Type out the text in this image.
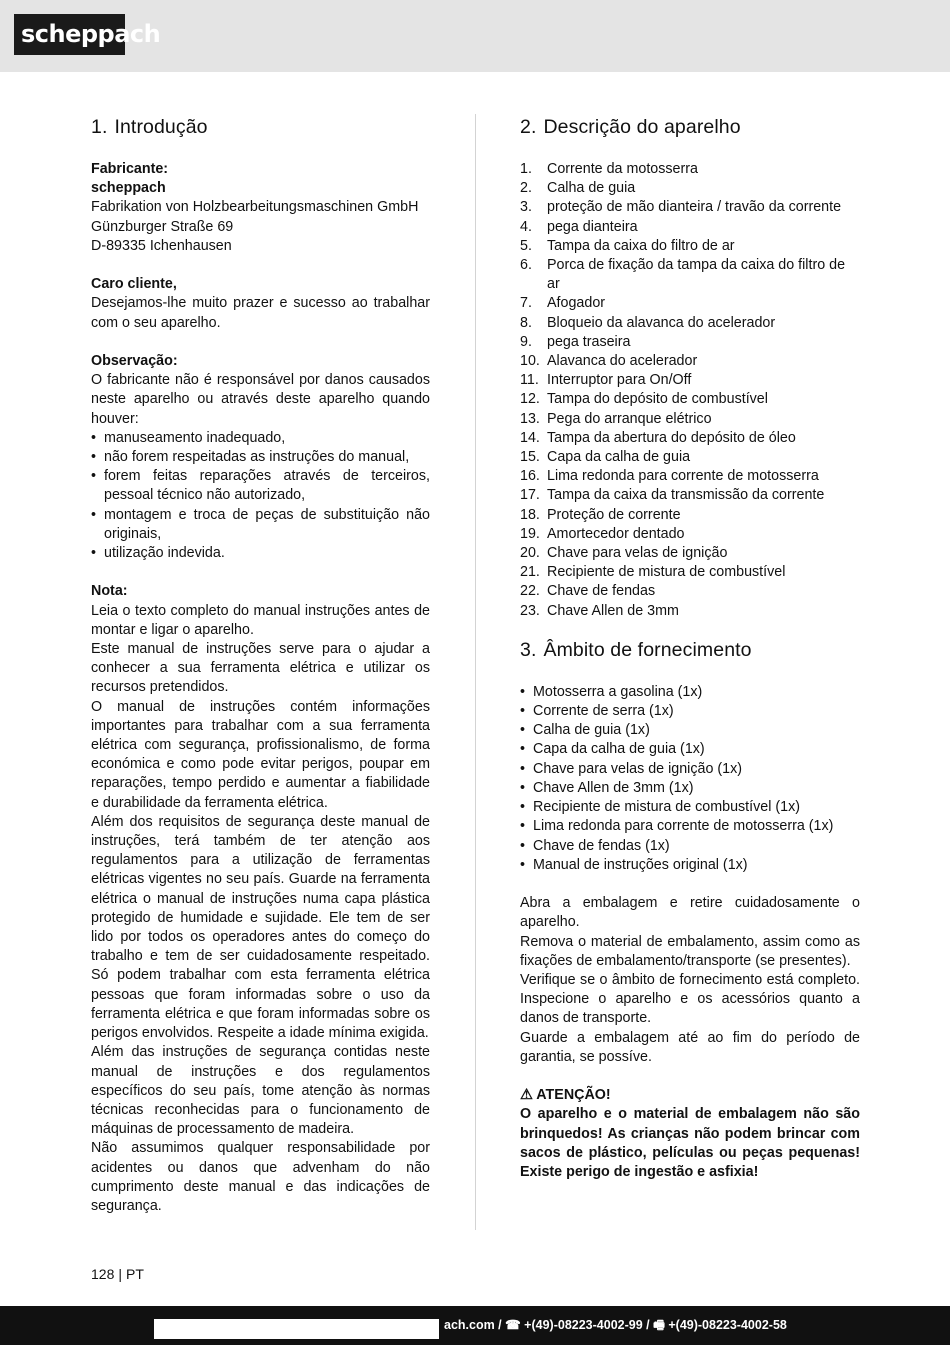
scheppach
1. Introdução

Fabricante:

scheppach

Fabrikation von Holzbearbeitungsmaschinen GmbH

Günzburger Straße 69

D-89335 Ichenhausen

Caro cliente,

Desejamos-lhe muito prazer e sucesso ao trabalhar com o seu aparelho.

Observação:

O fabricante não é responsável por danos causados neste aparelho ou através deste aparelho quando houver:

• manuseamento inadequado,
• não forem respeitadas as instruções do manual,
• forem feitas reparações através de terceiros, pessoal técnico não autorizado,
• montagem e troca de peças de substituição não originais,
• utilização indevida.

Nota:

Leia o texto completo do manual instruções antes de montar e ligar o aparelho.

Este manual de instruções serve para o ajudar a conhecer a sua ferramenta elétrica e utilizar os recursos pretendidos.

O manual de instruções contém informações importantes para trabalhar com a sua ferramenta elétrica com segurança, profissionalismo, de forma económica e como pode evitar perigos, poupar em reparações, tempo perdido e aumentar a fiabilidade e durabilidade da ferramenta elétrica.

Além dos requisitos de segurança deste manual de instruções, terá também de ter atenção aos regulamentos para a utilização de ferramentas elétricas vigentes no seu país. Guarde na ferramenta elétrica o manual de instruções numa capa plástica protegido de humidade e sujidade. Ele tem de ser lido por todos os operadores antes do começo do trabalho e tem de ser cuidadosamente respeitado. Só podem trabalhar com esta ferramenta elétrica pessoas que foram informadas sobre o uso da ferramenta elétrica e que foram informadas sobre os perigos envolvidos. Respeite a idade mínima exigida.

Além das instruções de segurança contidas neste manual de instruções e dos regulamentos específicos do seu país, tome atenção às normas técnicas reconhecidas para o funcionamento de máquinas de processamento de madeira.

Não assumimos qualquer responsabilidade por acidentes ou danos que advenham do não cumprimento deste manual e das indicações de segurança.

2. Descrição do aparelho
1. Corrente da motosserra
2. Calha de guia
3. proteção de mão dianteira / travão da corrente
4. pega dianteira
5. Tampa da caixa do filtro de ar
6. Porca de fixação da tampa da caixa do filtro de ar
7. Afogador
8. Bloqueio da alavanca do acelerador
9. pega traseira
10. Alavanca do acelerador
11. Interruptor para On/Off
12. Tampa do depósito de combustível
13. Pega do arranque elétrico
14. Tampa da abertura do depósito de óleo
15. Capa da calha de guia
16. Lima redonda para corrente de motosserra
17. Tampa da caixa da transmissão da corrente
18. Proteção de corrente
19. Amortecedor dentado
20. Chave para velas de ignição
21. Recipiente de mistura de combustível
22. Chave de fendas
23. Chave Allen de 3mm
3. Âmbito de fornecimento
• Motosserra a gasolina (1x)
• Corrente de serra (1x)
• Calha de guia (1x)
• Capa da calha de guia (1x)
• Chave para velas de ignição (1x)
• Chave Allen de 3mm (1x)
• Recipiente de mistura de combustível (1x)
• Lima redonda para corrente de motosserra (1x)
• Chave de fendas (1x)
• Manual de instruções original (1x)

Abra a embalagem e retire cuidadosamente o aparelho.

Remova o material de embalamento, assim como as fixações de embalamento/transporte (se presentes).

Verifique se o âmbito de fornecimento está completo. Inspecione o aparelho e os acessórios quanto a danos de transporte.

Guarde a embalagem até ao fim do período de garantia, se possíve.

⚠ ATENÇÃO!

O aparelho e o material de embalagem não são brinquedos! As crianças não podem brincar com sacos de plástico, películas ou peças pequenas! Existe perigo de ingestão e asfixia!

128 | PT
ach.com / ☎ +(49)-08223-4002-99 / 🖷 +(49)-08223-4002-58
